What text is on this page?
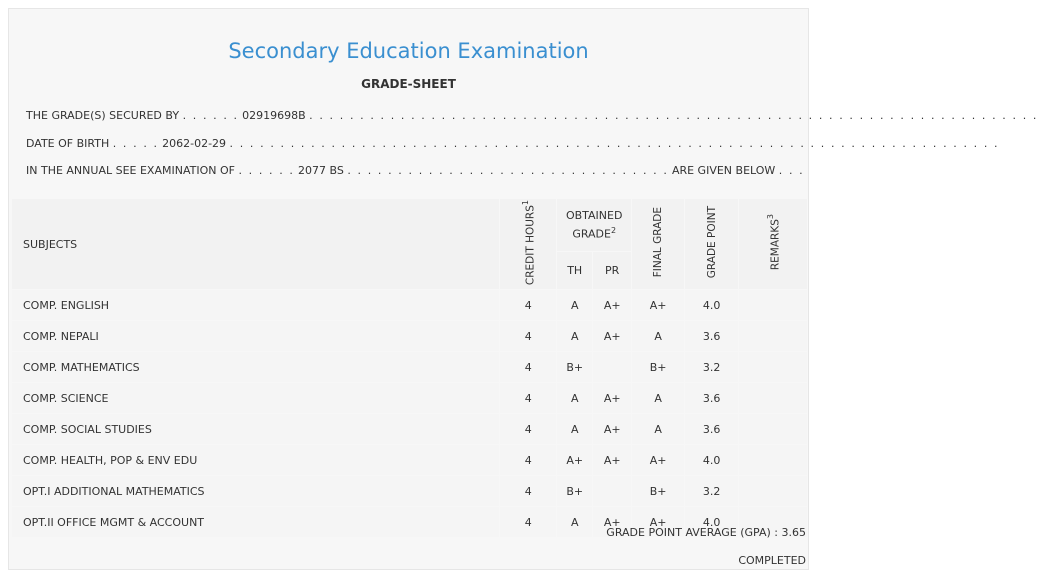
Secondary Education Examination
GRADE-SHEET
THE GRADE(S) SECURED BY . . . . . . 02919698B . . . . . . . . . . . . . . . . . . . . . . . . . . . . . . . . . . . . . . . . . . . . . . . . . . . . . . . . . . . . . . . . . . . . . . . .
DATE OF BIRTH . . . . . 2062-02-29 . . . . . . . . . . . . . . . . . . . . . . . . . . . . . . . . . . . . . . . . . . . . . . . . . . . . . . . . . . . . . . . . . . . . . . . . . . . .
IN THE ANNUAL SEE EXAMINATION OF . . . . . . 2077 BS . . . . . . . . . . . . . . . . . . . . . . . . . . . . . . . . ARE GIVEN BELOW . . .
SUBJECTS	CREDIT HOURS$^1$	OBTAINED GRADE$^2$		FINAL GRADE	GRADE POINT	REMARKS$^3$
		TH	PR			
COMP. ENGLISH	4	A	A+	A+	4.0	
COMP. NEPALI	4	A	A+	A	3.6	
COMP. MATHEMATICS	4	B+		B+	3.2	
COMP. SCIENCE	4	A	A+	A	3.6	
COMP. SOCIAL STUDIES	4	A	A+	A	3.6	
COMP. HEALTH, POP & ENV EDU	4	A+	A+	A+	4.0	
OPT.I ADDITIONAL MATHEMATICS	4	B+		B+	3.2	
OPT.II OFFICE MGMT & ACCOUNT	4	A	A+	A+	4.0	
GRADE POINT AVERAGE (GPA) : 3.65
COMPLETED
